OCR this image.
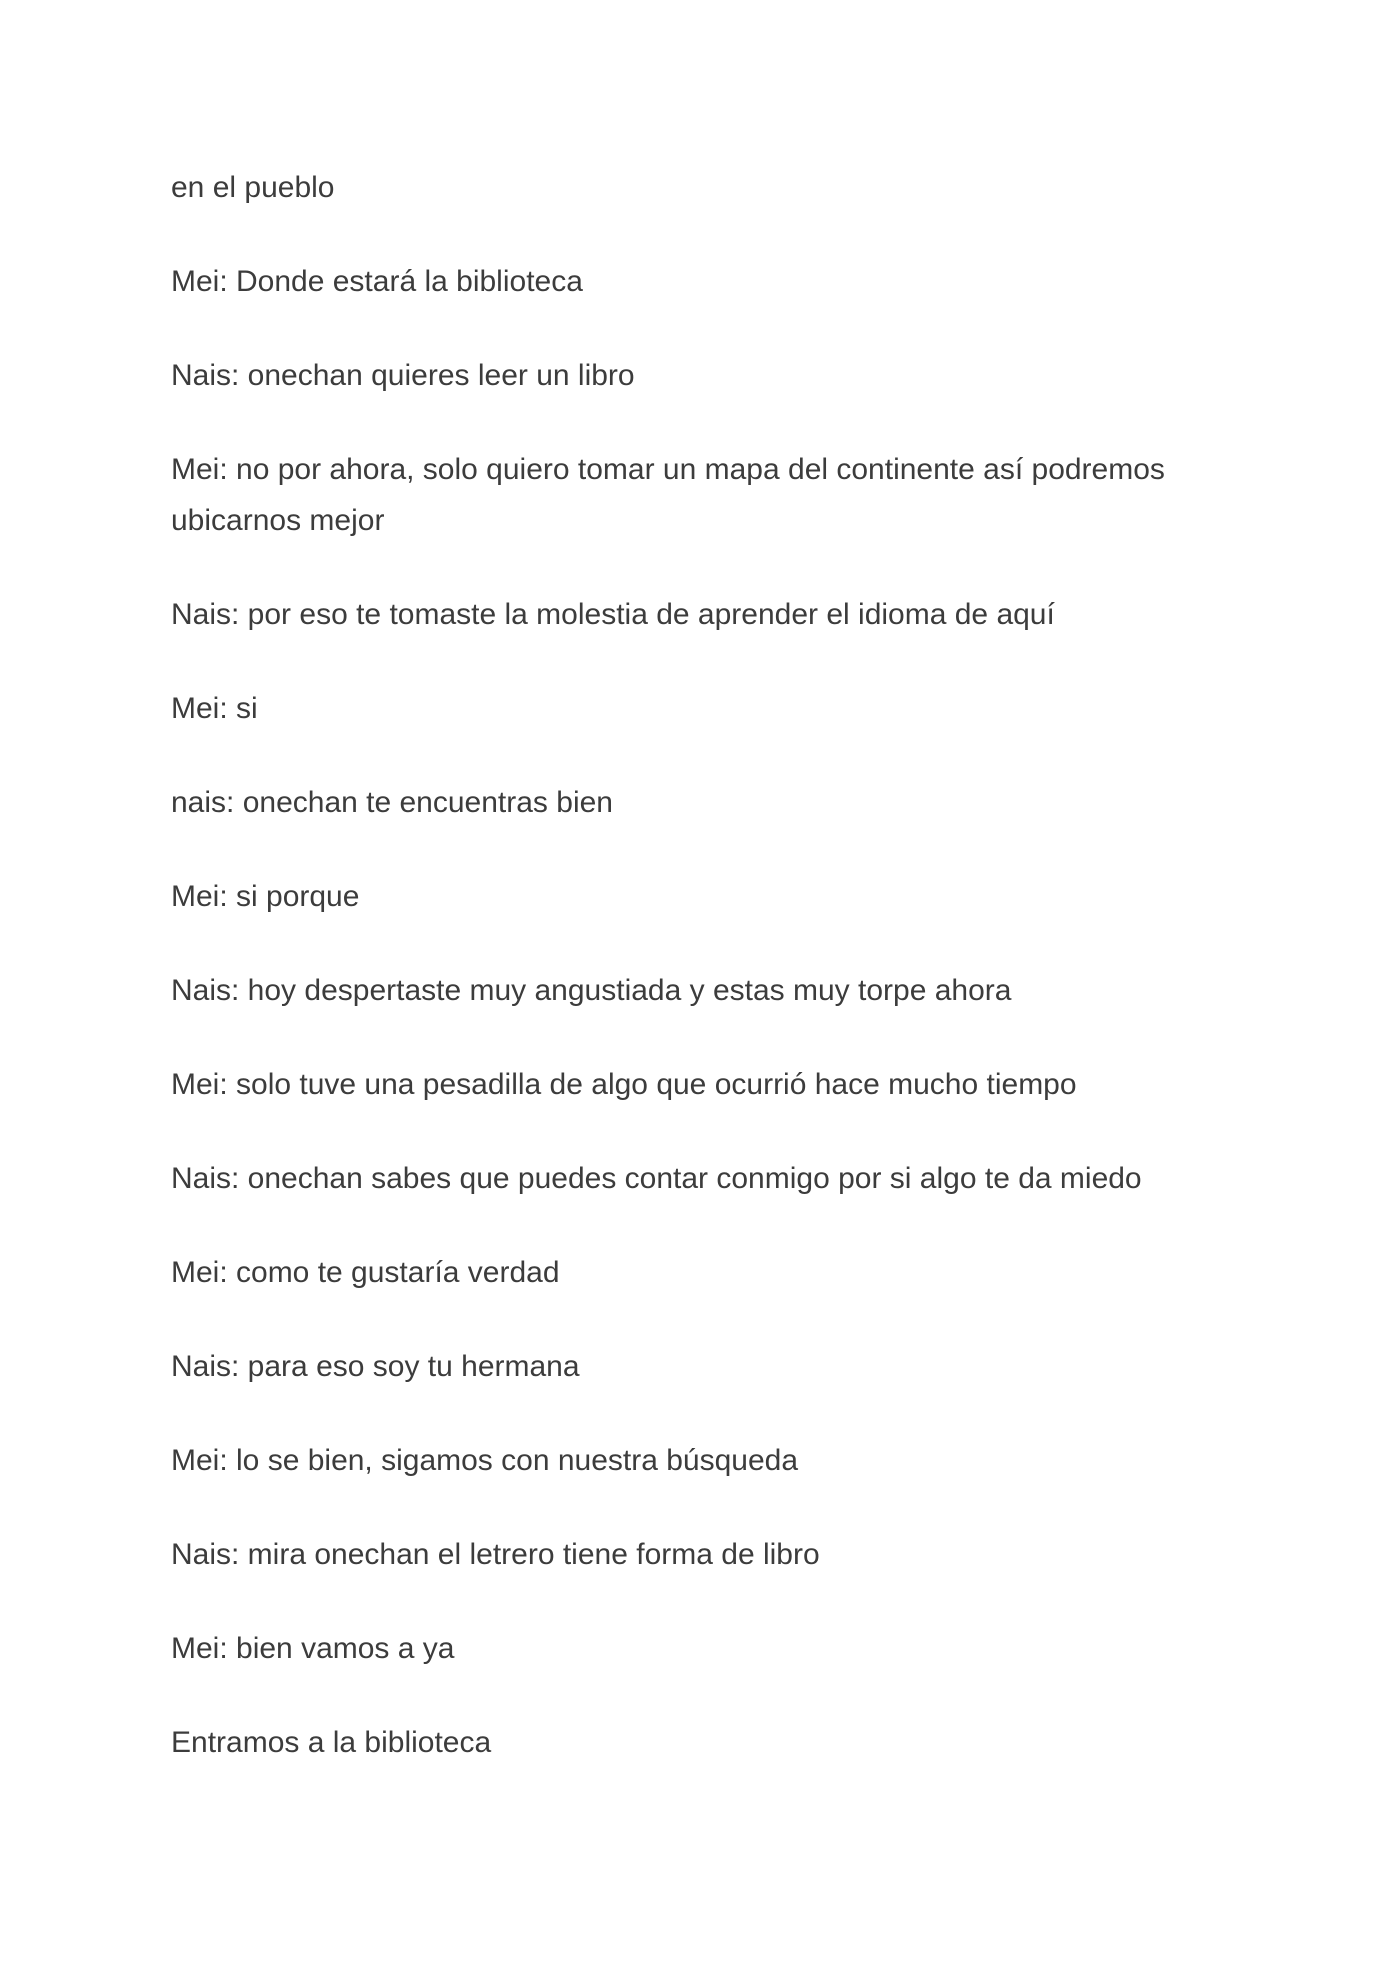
en el pueblo

Mei: Donde estará la biblioteca

Nais: onechan quieres leer un libro

Mei: no por ahora, solo quiero tomar un mapa del continente así podremos ubicarnos mejor

Nais: por eso te tomaste la molestia de aprender el idioma de aquí

Mei: si

nais: onechan te encuentras bien

Mei: si porque

Nais: hoy despertaste muy angustiada y estas muy torpe ahora

Mei: solo tuve una pesadilla de algo que ocurrió hace mucho tiempo

Nais: onechan sabes que puedes contar conmigo por si algo te da miedo

Mei: como te gustaría verdad

Nais: para eso soy tu hermana

Mei: lo se bien, sigamos con nuestra búsqueda

Nais: mira onechan el letrero tiene forma de libro

Mei: bien vamos a ya

Entramos a la biblioteca
